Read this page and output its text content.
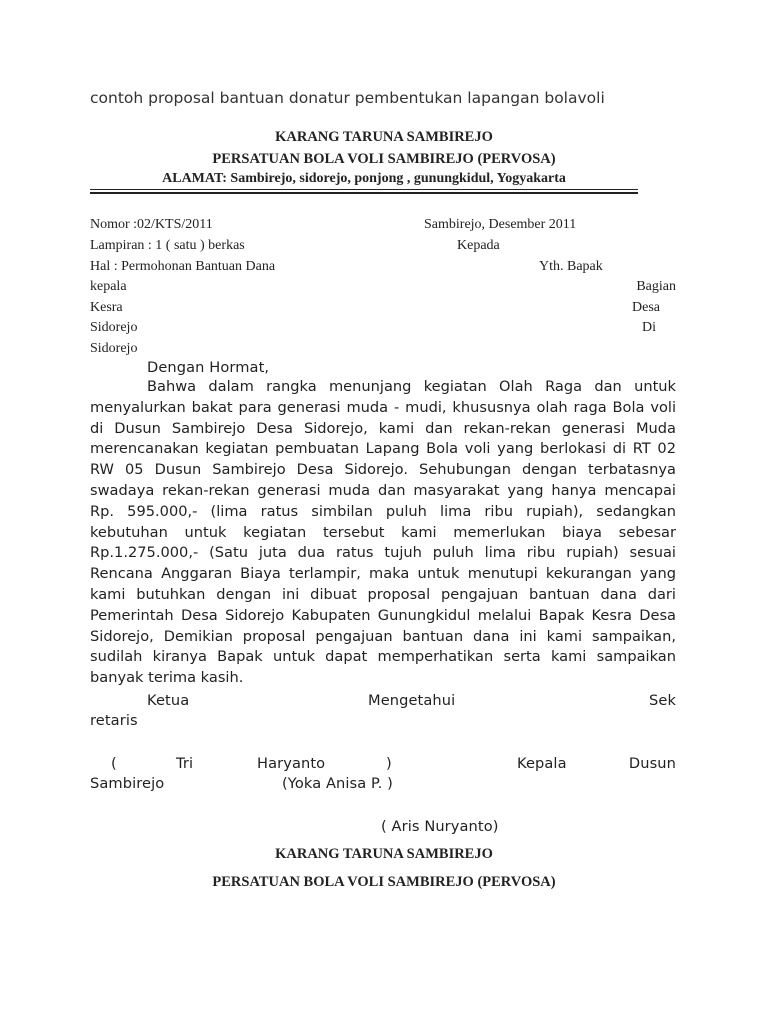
contoh proposal bantuan donatur pembentukan lapangan bolavoli
KARANG TARUNA SAMBIREJO
PERSATUAN BOLA VOLI SAMBIREJO (PERVOSA)
ALAMAT: Sambirejo, sidorejo, ponjong , gunungkidul, Yogyakarta
Nomor :02/KTS/2011	Sambirejo, Desember 2011
Lampiran : 1 ( satu ) berkas	Kepada
Hal : Permohonan Bantuan Dana	Yth. Bapak
kepala	Bagian
Kesra	Desa
Sidorejo	Di
Sidorejo
Dengan Hormat,
Bahwa dalam rangka menunjang kegiatan Olah Raga dan untuk menyalurkan bakat para generasi muda - mudi, khususnya olah raga Bola voli di Dusun Sambirejo Desa Sidorejo, kami dan rekan-rekan generasi Muda merencanakan kegiatan pembuatan Lapang Bola voli yang berlokasi di RT 02 RW 05 Dusun Sambirejo Desa Sidorejo. Sehubungan dengan terbatasnya swadaya rekan-rekan generasi muda dan masyarakat yang hanya mencapai Rp. 595.000,- (lima ratus simbilan puluh lima ribu rupiah), sedangkan kebutuhan untuk kegiatan tersebut kami memerlukan biaya sebesar Rp.1.275.000,- (Satu juta dua ratus tujuh puluh lima ribu rupiah) sesuai Rencana Anggaran Biaya terlampir, maka untuk menutupi kekurangan yang kami butuhkan dengan ini dibuat proposal pengajuan bantuan dana dari Pemerintah Desa Sidorejo Kabupaten Gunungkidul melalui Bapak Kesra Desa Sidorejo, Demikian proposal pengajuan bantuan dana ini kami sampaikan, sudilah kiranya Bapak untuk dapat memperhatikan serta kami sampaikan banyak terima kasih.
Ketua	Mengetahui	Sek
retaris
(	Tri	Haryanto	)	Kepala	Dusun
Sambirejo	(Yoka Anisa P. )
( Aris Nuryanto)
KARANG TARUNA SAMBIREJO
PERSATUAN BOLA VOLI SAMBIREJO (PERVOSA)
